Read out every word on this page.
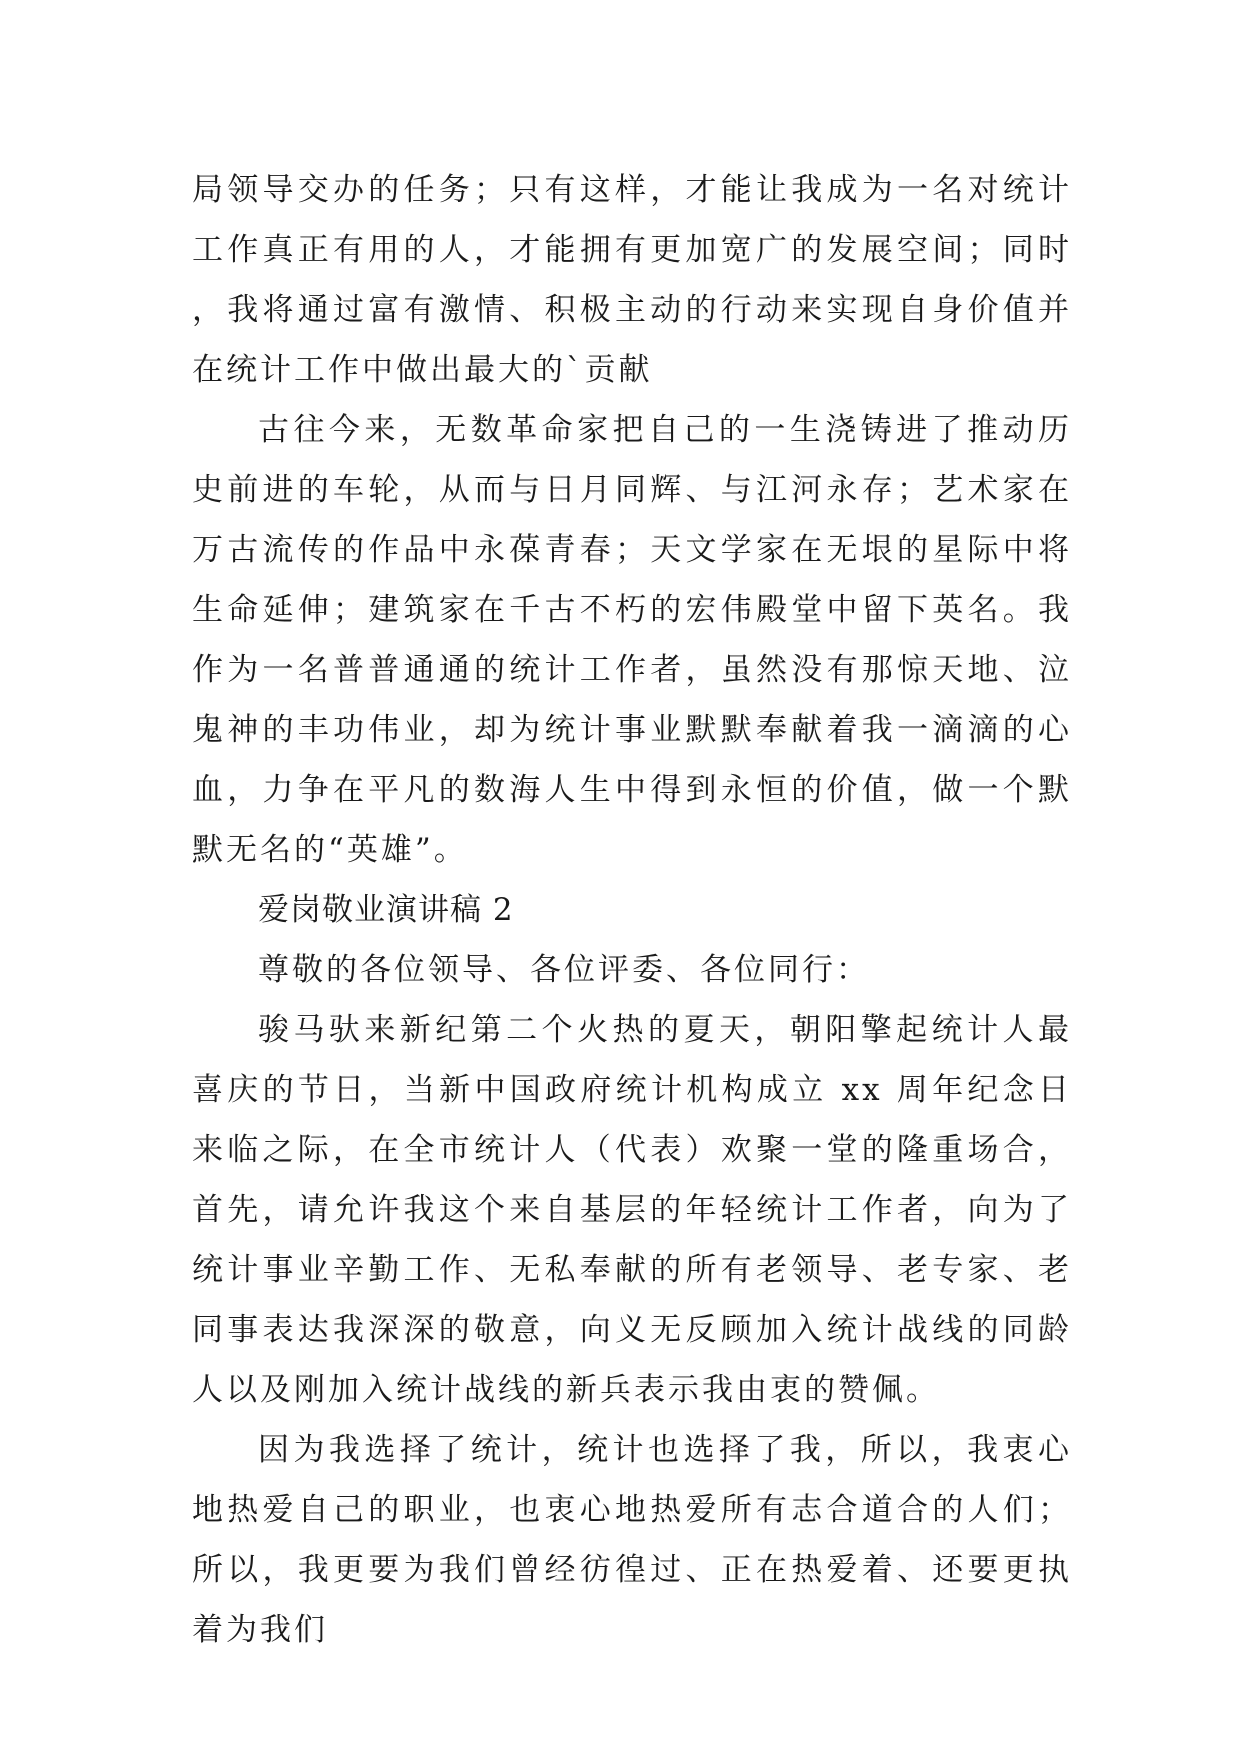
局领导交办的任务；只有这样，才能让我成为一名对统计工作真正有用的人，才能拥有更加宽广的发展空间；同时，我将通过富有激情、积极主动的行动来实现自身价值并在统计工作中做出最大的`贡献

古往今来，无数革命家把自己的一生浇铸进了推动历史前进的车轮，从而与日月同辉、与江河永存；艺术家在万古流传的作品中永葆青春；天文学家在无垠的星际中将生命延伸；建筑家在千古不朽的宏伟殿堂中留下英名。我作为一名普普通通的统计工作者，虽然没有那惊天地、泣鬼神的丰功伟业，却为统计事业默默奉献着我一滴滴的心血，力争在平凡的数海人生中得到永恒的价值，做一个默默无名的“英雄”。

爱岗敬业演讲稿 2

尊敬的各位领导、各位评委、各位同行：

骏马驮来新纪第二个火热的夏天，朝阳擎起统计人最喜庆的节日，当新中国政府统计机构成立 xx 周年纪念日来临之际，在全市统计人（代表）欢聚一堂的隆重场合，首先，请允许我这个来自基层的年轻统计工作者，向为了统计事业辛勤工作、无私奉献的所有老领导、老专家、老同事表达我深深的敬意，向义无反顾加入统计战线的同龄人以及刚加入统计战线的新兵表示我由衷的赞佩。

因为我选择了统计，统计也选择了我，所以，我衷心地热爱自己的职业，也衷心地热爱所有志合道合的人们；所以，我更要为我们曾经彷徨过、正在热爱着、还要更执着为我们
